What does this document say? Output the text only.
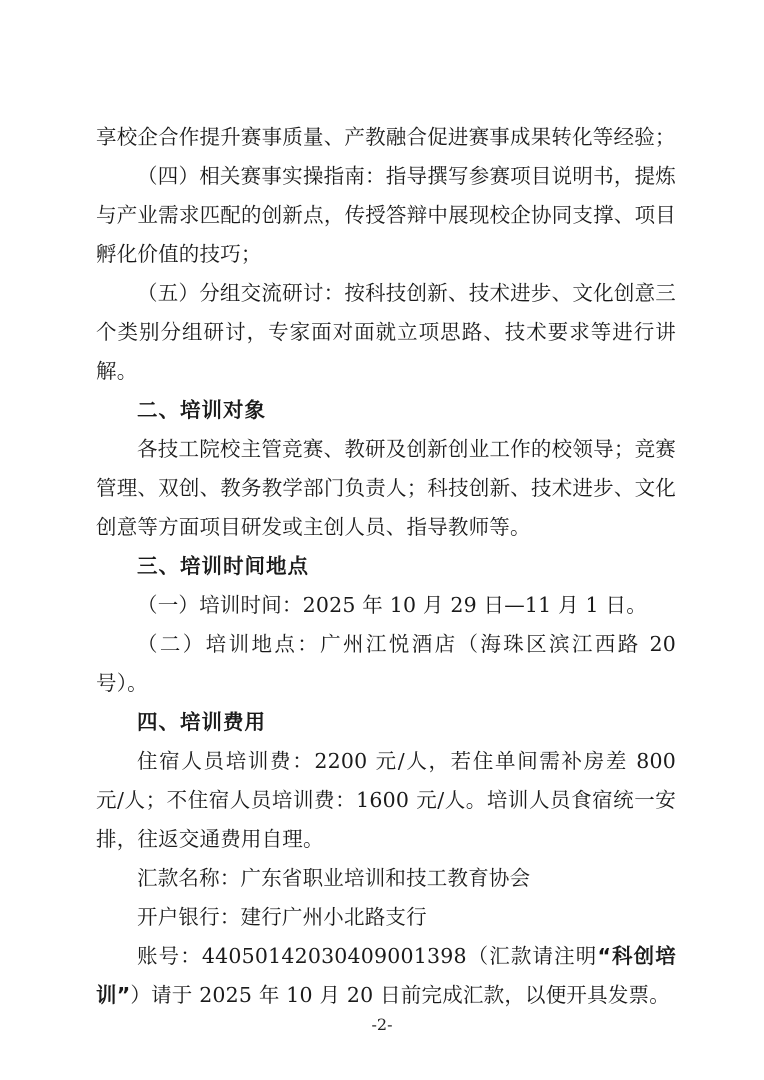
享校企合作提升赛事质量、产教融合促进赛事成果转化等经验；

（四）相关赛事实操指南：指导撰写参赛项目说明书，提炼与产业需求匹配的创新点，传授答辩中展现校企协同支撑、项目孵化价值的技巧；

（五）分组交流研讨：按科技创新、技术进步、文化创意三个类别分组研讨，专家面对面就立项思路、技术要求等进行讲解。

二、培训对象

各技工院校主管竞赛、教研及创新创业工作的校领导；竞赛管理、双创、教务教学部门负责人；科技创新、技术进步、文化创意等方面项目研发或主创人员、指导教师等。

三、培训时间地点

（一）培训时间：2025 年 10 月 29 日—11 月 1 日。

（二）培训地点：广州江悦酒店（海珠区滨江西路 20 号）。

四、培训费用

住宿人员培训费：2200 元/人，若住单间需补房差 800 元/人；不住宿人员培训费：1600 元/人。培训人员食宿统一安排，往返交通费用自理。

汇款名称：广东省职业培训和技工教育协会

开户银行：建行广州小北路支行

账号：44050142030409001398（汇款请注明“科创培训”）请于 2025 年 10 月 20 日前完成汇款，以便开具发票。

-2-
